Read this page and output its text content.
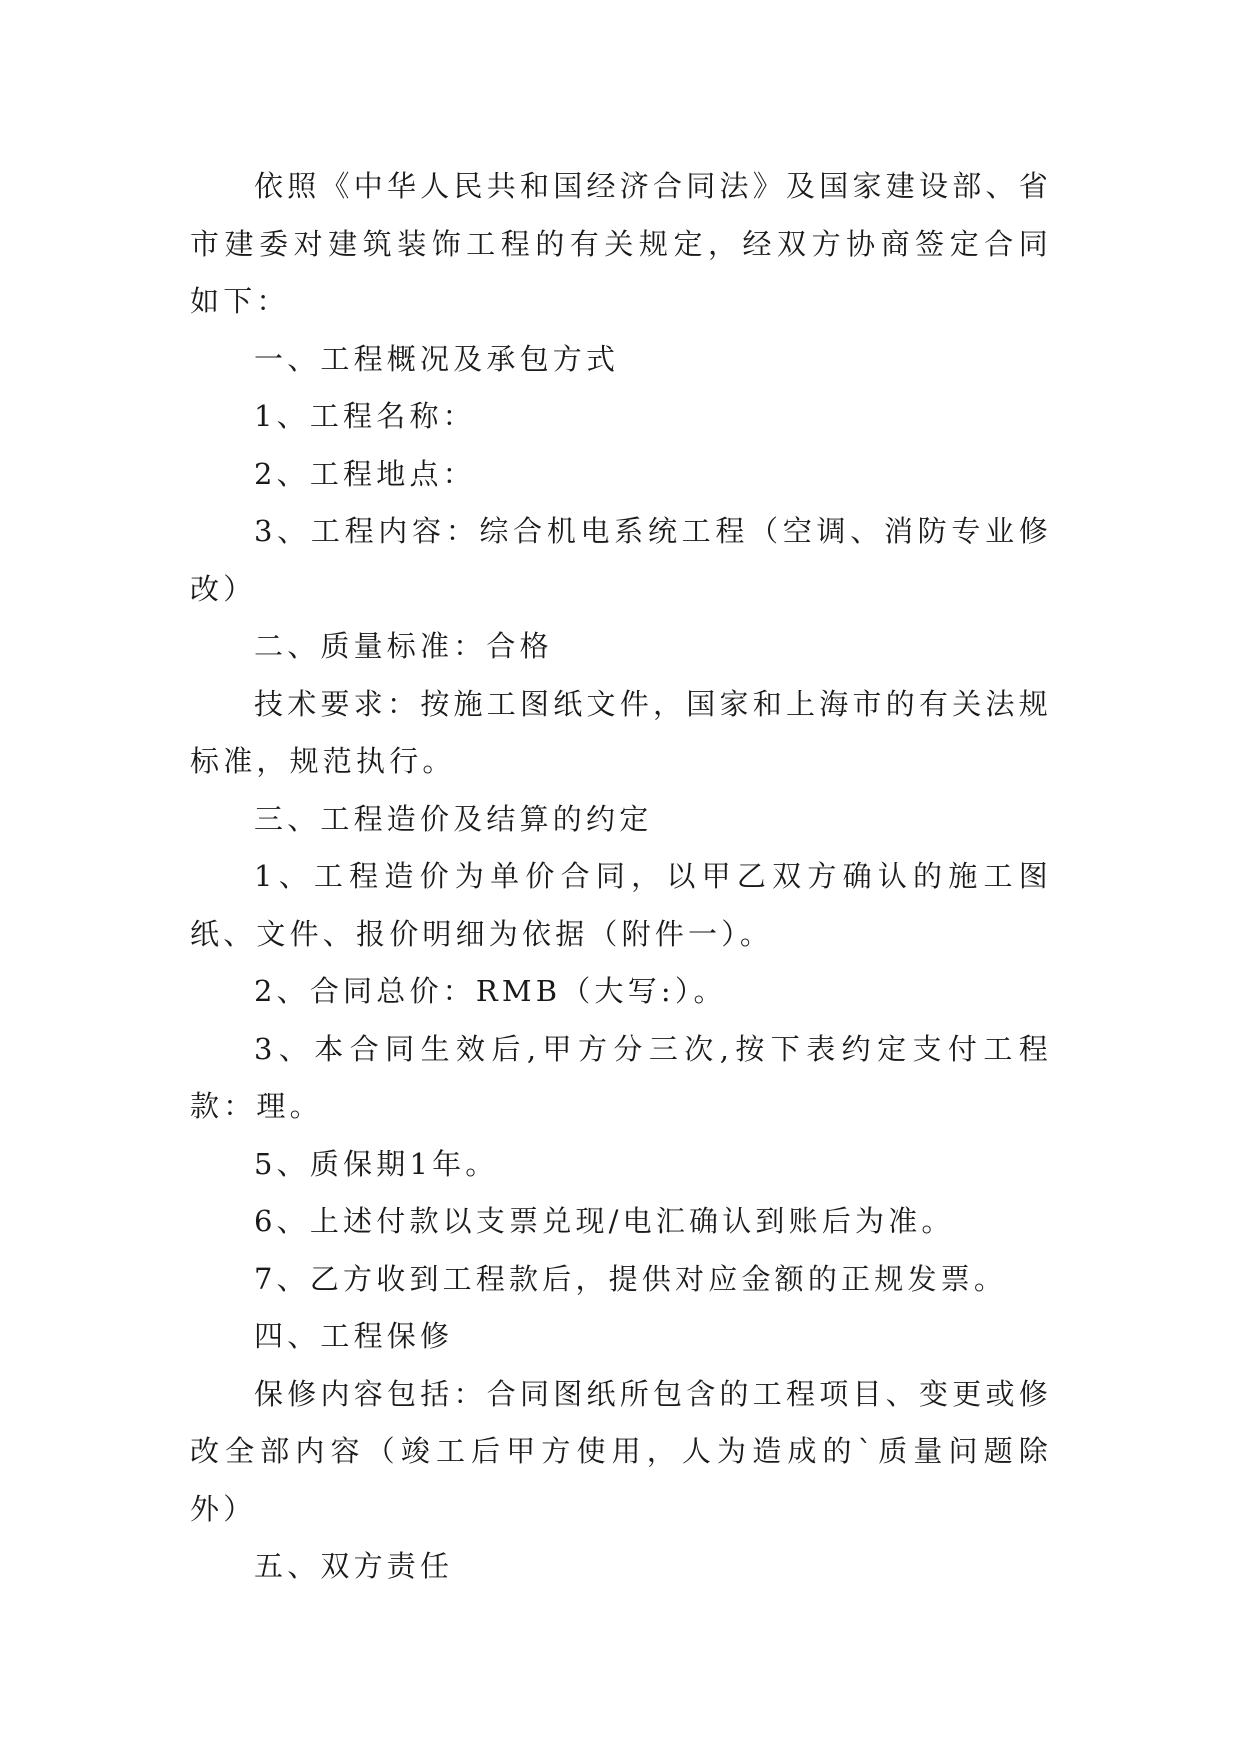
依照《中华人民共和国经济合同法》及国家建设部、省市建委对建筑装饰工程的有关规定，经双方协商签定合同如下：

一、工程概况及承包方式

1、工程名称：

2、工程地点：

3、工程内容：综合机电系统工程（空调、消防专业修改）

二、质量标准：合格

技术要求：按施工图纸文件，国家和上海市的有关法规标准，规范执行。

三、工程造价及结算的约定

1、工程造价为单价合同，以甲乙双方确认的施工图纸、文件、报价明细为依据（附件一）。

2、合同总价：RMB（大写:）。

3、本合同生效后,甲方分三次,按下表约定支付工程款：理。

5、质保期1年。

6、上述付款以支票兑现/电汇确认到账后为准。

7、乙方收到工程款后，提供对应金额的正规发票。

四、工程保修

保修内容包括：合同图纸所包含的工程项目、变更或修改全部内容（竣工后甲方使用，人为造成的`质量问题除外）

五、双方责任
